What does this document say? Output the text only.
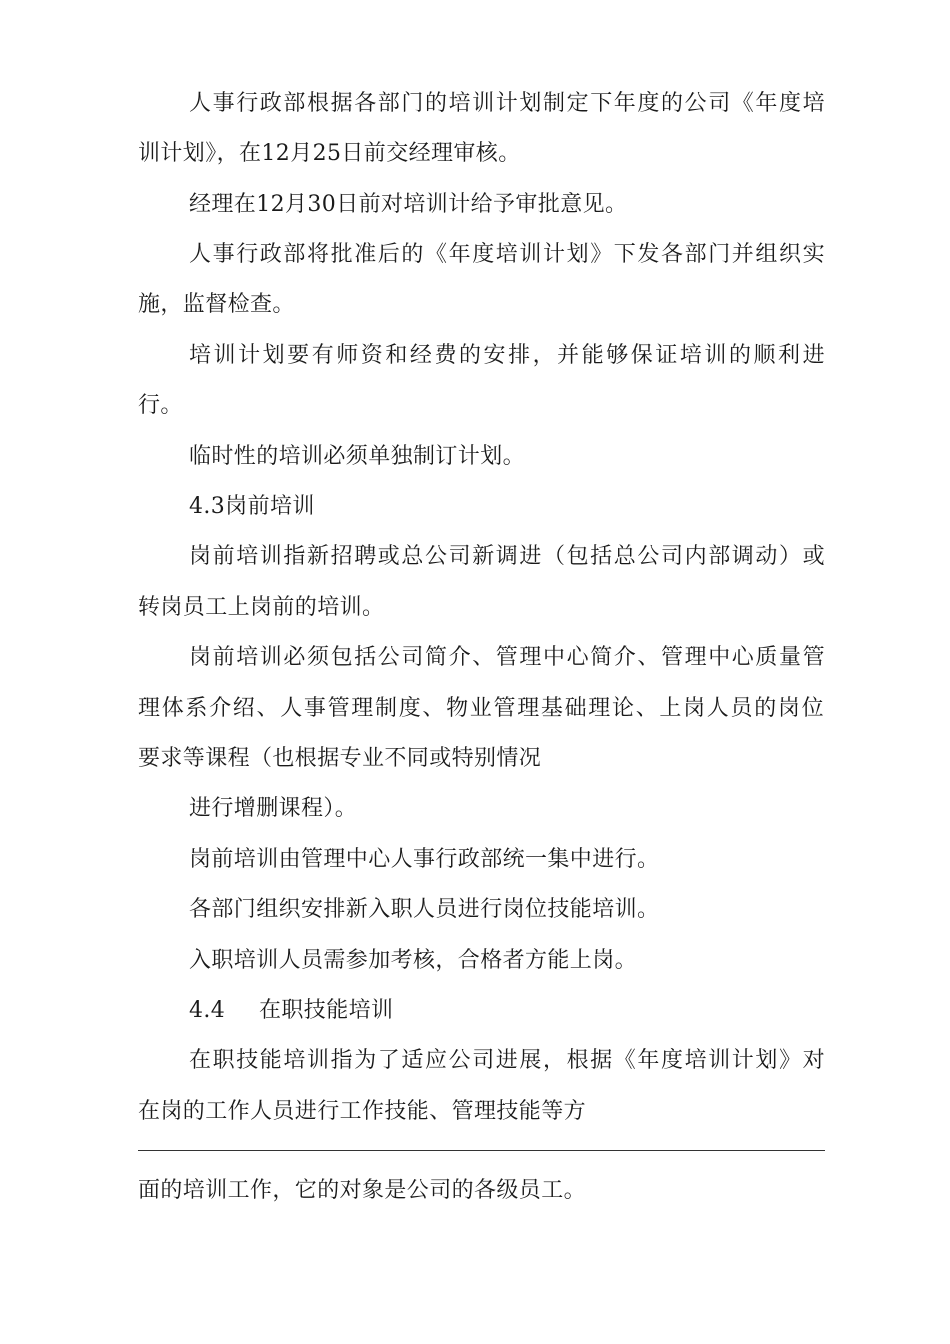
人事行政部根据各部门的培训计划制定下年度的公司《年度培
训计划》，在12月25日前交经理审核。
经理在12月30日前对培训计给予审批意见。
人事行政部将批准后的《年度培训计划》下发各部门并组织实
施，监督检查。
培训计划要有师资和经费的安排，并能够保证培训的顺利进
行。
临时性的培训必须单独制订计划。
4.3岗前培训
岗前培训指新招聘或总公司新调进（包括总公司内部调动）或
转岗员工上岗前的培训。
岗前培训必须包括公司简介、管理中心简介、管理中心质量管
理体系介绍、人事管理制度、物业管理基础理论、上岗人员的岗位
要求等课程（也根据专业不同或特别情况
进行增删课程）。
岗前培训由管理中心人事行政部统一集中进行。
各部门组织安排新入职人员进行岗位技能培训。
入职培训人员需参加考核，合格者方能上岗。
4.4 在职技能培训
在职技能培训指为了适应公司进展，根据《年度培训计划》对
在岗的工作人员进行工作技能、管理技能等方
面的培训工作，它的对象是公司的各级员工。
